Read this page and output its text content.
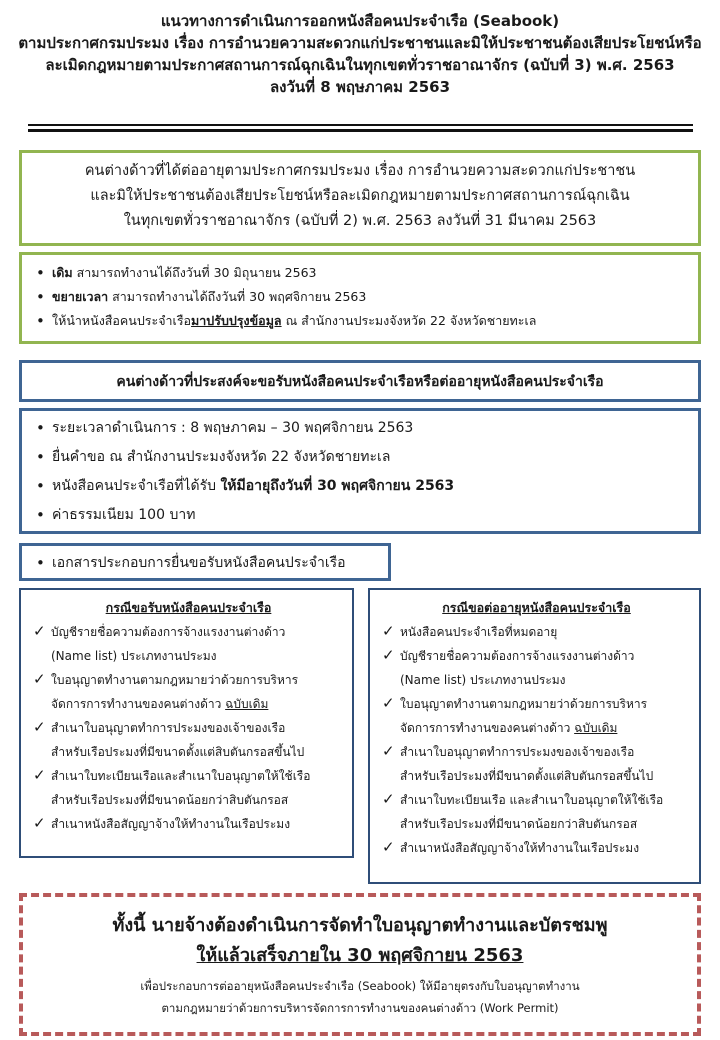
แนวทางการดำเนินการออกหนังสือคนประจำเรือ (Seabook)
ตามประกาศกรมประมง เรื่อง การอำนวยความสะดวกแก่ประชาชนและมิให้ประชาชนต้องเสียประโยชน์หรือ
ละเมิดกฎหมายตามประกาศสถานการณ์ฉุกเฉินในทุกเขตทั่วราชอาณาจักร (ฉบับที่ 3) พ.ศ. 2563
ลงวันที่ 8 พฤษภาคม 2563
คนต่างด้าวที่ได้ต่ออายุตามประกาศกรมประมง เรื่อง การอำนวยความสะดวกแก่ประชาชน
และมิให้ประชาชนต้องเสียประโยชน์หรือละเมิดกฎหมายตามประกาศสถานการณ์ฉุกเฉิน
ในทุกเขตทั่วราชอาณาจักร (ฉบับที่ 2) พ.ศ. 2563 ลงวันที่ 31 มีนาคม 2563
• เดิม สามารถทำงานได้ถึงวันที่ 30 มิถุนายน 2563
• ขยายเวลา สามารถทำงานได้ถึงวันที่ 30 พฤศจิกายน 2563
• ให้นำหนังสือคนประจำเรือมาปรับปรุงข้อมูล ณ สำนักงานประมงจังหวัด 22 จังหวัดชายทะเล
คนต่างด้าวที่ประสงค์จะขอรับหนังสือคนประจำเรือหรือต่ออายุหนังสือคนประจำเรือ
• ระยะเวลาดำเนินการ : 8 พฤษภาคม – 30 พฤศจิกายน 2563
• ยื่นคำขอ ณ สำนักงานประมงจังหวัด 22 จังหวัดชายทะเล
• หนังสือคนประจำเรือที่ได้รับ ให้มีอายุถึงวันที่ 30 พฤศจิกายน 2563
• ค่าธรรมเนียม 100 บาท
• เอกสารประกอบการยื่นขอรับหนังสือคนประจำเรือ
กรณีขอรับหนังสือคนประจำเรือ
✓ บัญชีรายชื่อความต้องการจ้างแรงงานต่างด้าว
(Name list) ประเภทงานประมง
✓ ใบอนุญาตทำงานตามกฎหมายว่าด้วยการบริหาร
จัดการการทำงานของคนต่างด้าว ฉบับเดิม
✓ สำเนาใบอนุญาตทำการประมงของเจ้าของเรือ
สำหรับเรือประมงที่มีขนาดตั้งแต่สิบตันกรอสขึ้นไป
✓ สำเนาใบทะเบียนเรือและสำเนาใบอนุญาตให้ใช้เรือ
สำหรับเรือประมงที่มีขนาดน้อยกว่าสิบตันกรอส
✓ สำเนาหนังสือสัญญาจ้างให้ทำงานในเรือประมง
กรณีขอต่ออายุหนังสือคนประจำเรือ
✓ หนังสือคนประจำเรือที่หมดอายุ
✓ บัญชีรายชื่อความต้องการจ้างแรงงานต่างด้าว
(Name list) ประเภทงานประมง
✓ ใบอนุญาตทำงานตามกฎหมายว่าด้วยการบริหาร
จัดการการทำงานของคนต่างด้าว ฉบับเดิม
✓ สำเนาใบอนุญาตทำการประมงของเจ้าของเรือ
สำหรับเรือประมงที่มีขนาดตั้งแต่สิบตันกรอสขึ้นไป
✓ สำเนาใบทะเบียนเรือ และสำเนาใบอนุญาตให้ใช้เรือ
สำหรับเรือประมงที่มีขนาดน้อยกว่าสิบตันกรอส
✓ สำเนาหนังสือสัญญาจ้างให้ทำงานในเรือประมง
ทั้งนี้ นายจ้างต้องดำเนินการจัดทำใบอนุญาตทำงานและบัตรชมพู
ให้แล้วเสร็จภายใน 30 พฤศจิกายน 2563
เพื่อประกอบการต่ออายุหนังสือคนประจำเรือ (Seabook) ให้มีอายุตรงกับใบอนุญาตทำงาน
ตามกฎหมายว่าด้วยการบริหารจัดการการทำงานของคนต่างด้าว (Work Permit)
